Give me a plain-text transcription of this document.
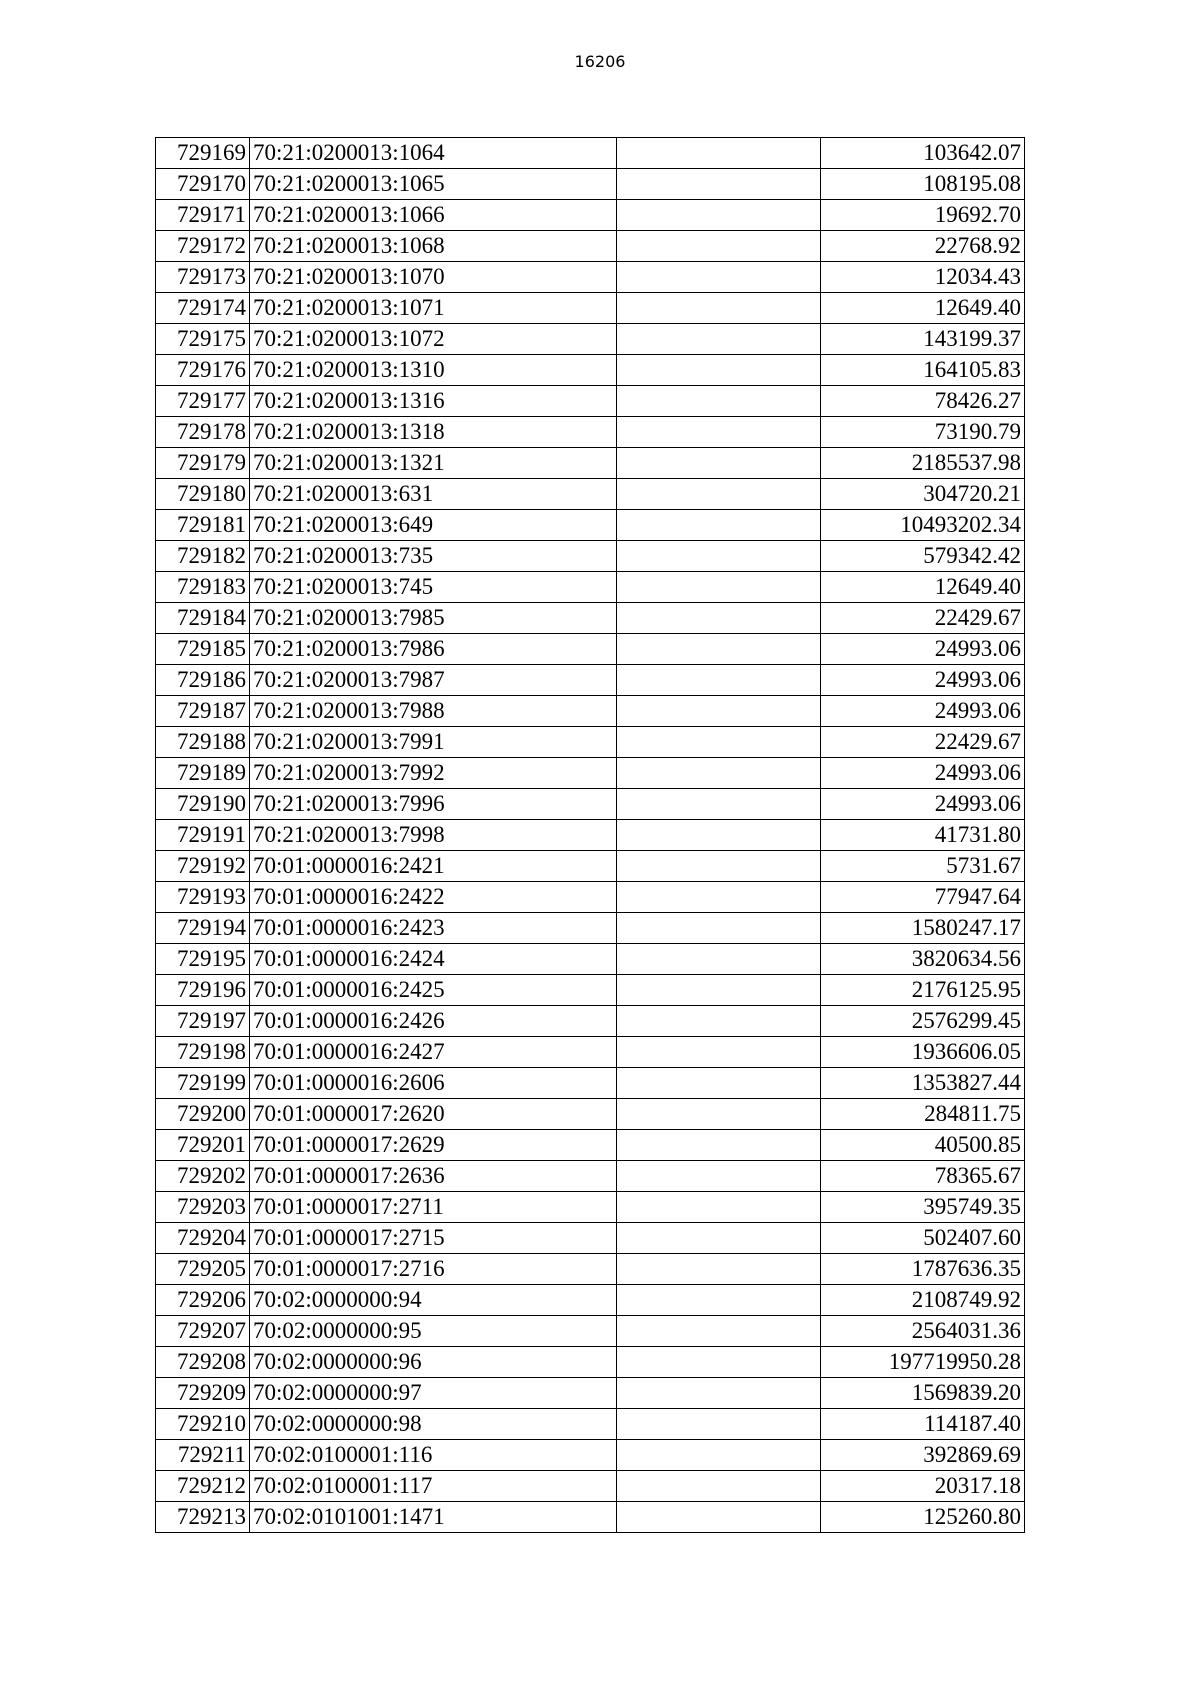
16206
729169	70:21:0200013:1064		103642.07
729170	70:21:0200013:1065		108195.08
729171	70:21:0200013:1066		19692.70
729172	70:21:0200013:1068		22768.92
729173	70:21:0200013:1070		12034.43
729174	70:21:0200013:1071		12649.40
729175	70:21:0200013:1072		143199.37
729176	70:21:0200013:1310		164105.83
729177	70:21:0200013:1316		78426.27
729178	70:21:0200013:1318		73190.79
729179	70:21:0200013:1321		2185537.98
729180	70:21:0200013:631		304720.21
729181	70:21:0200013:649		10493202.34
729182	70:21:0200013:735		579342.42
729183	70:21:0200013:745		12649.40
729184	70:21:0200013:7985		22429.67
729185	70:21:0200013:7986		24993.06
729186	70:21:0200013:7987		24993.06
729187	70:21:0200013:7988		24993.06
729188	70:21:0200013:7991		22429.67
729189	70:21:0200013:7992		24993.06
729190	70:21:0200013:7996		24993.06
729191	70:21:0200013:7998		41731.80
729192	70:01:0000016:2421		5731.67
729193	70:01:0000016:2422		77947.64
729194	70:01:0000016:2423		1580247.17
729195	70:01:0000016:2424		3820634.56
729196	70:01:0000016:2425		2176125.95
729197	70:01:0000016:2426		2576299.45
729198	70:01:0000016:2427		1936606.05
729199	70:01:0000016:2606		1353827.44
729200	70:01:0000017:2620		284811.75
729201	70:01:0000017:2629		40500.85
729202	70:01:0000017:2636		78365.67
729203	70:01:0000017:2711		395749.35
729204	70:01:0000017:2715		502407.60
729205	70:01:0000017:2716		1787636.35
729206	70:02:0000000:94		2108749.92
729207	70:02:0000000:95		2564031.36
729208	70:02:0000000:96		197719950.28
729209	70:02:0000000:97		1569839.20
729210	70:02:0000000:98		114187.40
729211	70:02:0100001:116		392869.69
729212	70:02:0100001:117		20317.18
729213	70:02:0101001:1471		125260.80
